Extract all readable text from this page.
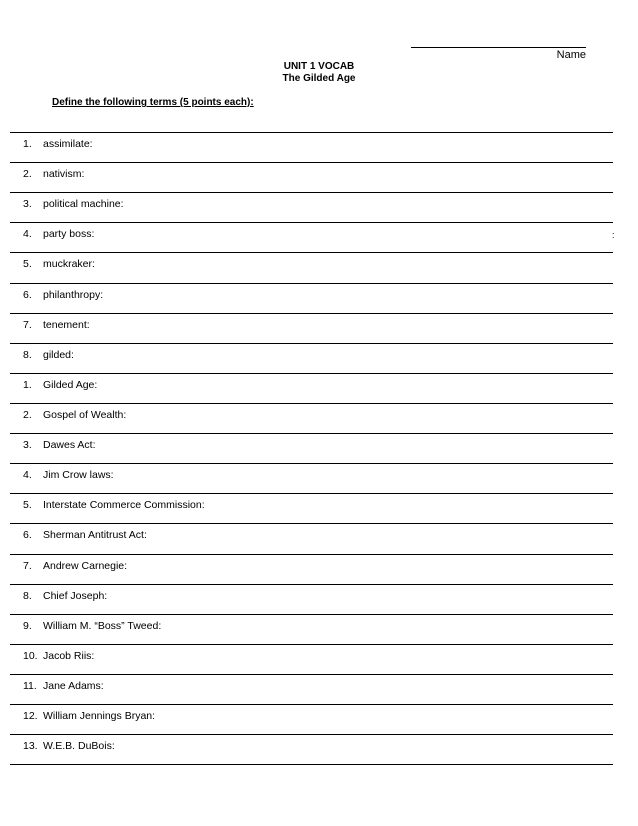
Name
UNIT 1 VOCAB
The Gilded Age
Define the following terms (5 points each):
:
1. assimilate:
2. nativism:
3. political machine:
4. party boss:
5. muckraker:
6. philanthropy:
7. tenement:
8. gilded:
1. Gilded Age:
2. Gospel of Wealth:
3. Dawes Act:
4. Jim Crow laws:
5. Interstate Commerce Commission:
6. Sherman Antitrust Act:
7. Andrew Carnegie:
8. Chief Joseph:
9. William M. “Boss” Tweed:
10. Jacob Riis:
11. Jane Adams:
12. William Jennings Bryan:
13. W.E.B. DuBois:
